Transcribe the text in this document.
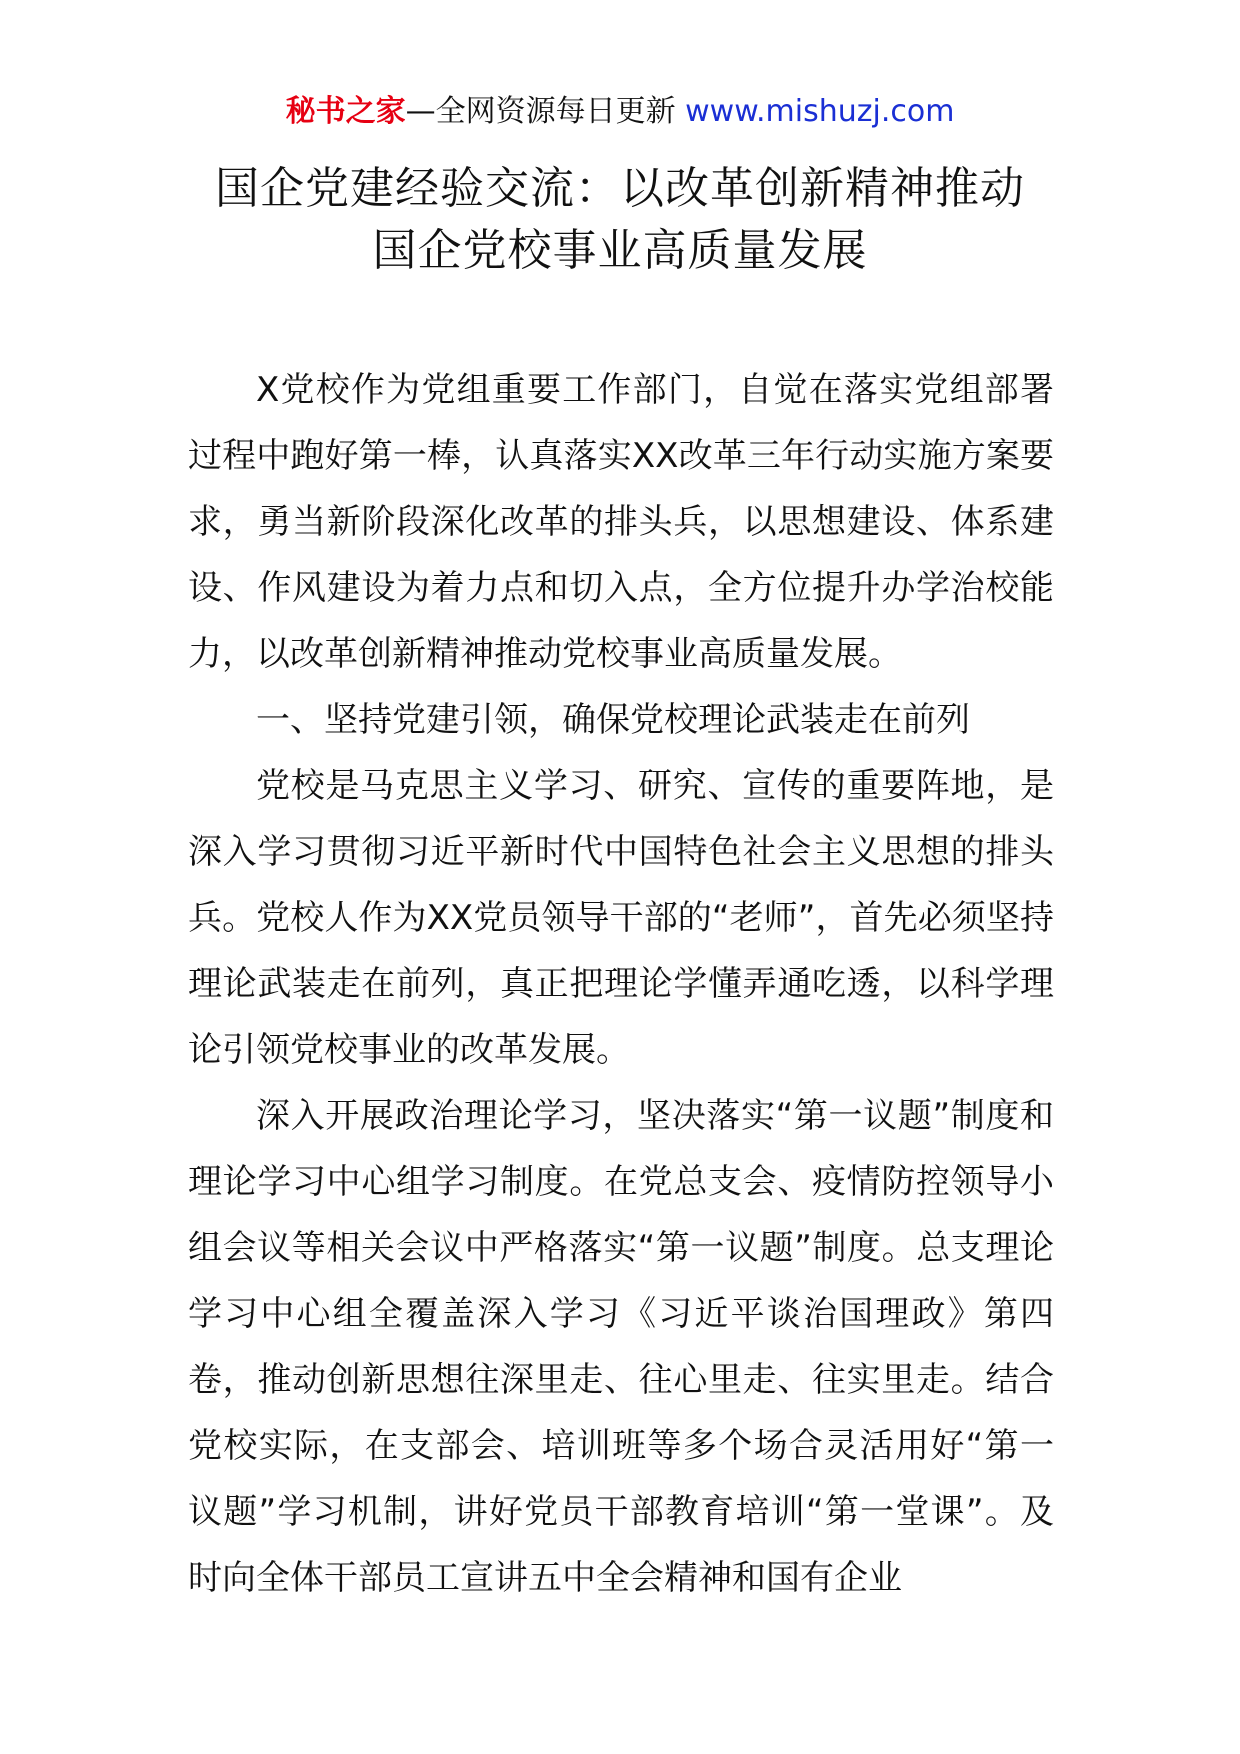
秘书之家—全网资源每日更新 www.mishuzj.com
国企党建经验交流：以改革创新精神推动
国企党校事业高质量发展

X党校作为党组重要工作部门，自觉在落实党组部署过程中跑好第一棒，认真落实XX改革三年行动实施方案要求，勇当新阶段深化改革的排头兵，以思想建设、体系建设、作风建设为着力点和切入点，全方位提升办学治校能力，以改革创新精神推动党校事业高质量发展。

一、坚持党建引领，确保党校理论武装走在前列

党校是马克思主义学习、研究、宣传的重要阵地，是深入学习贯彻习近平新时代中国特色社会主义思想的排头兵。党校人作为XX党员领导干部的“老师”，首先必须坚持理论武装走在前列，真正把理论学懂弄通吃透，以科学理论引领党校事业的改革发展。

深入开展政治理论学习，坚决落实“第一议题”制度和理论学习中心组学习制度。在党总支会、疫情防控领导小组会议等相关会议中严格落实“第一议题”制度。总支理论学习中心组全覆盖深入学习《习近平谈治国理政》第四卷，推动创新思想往深里走、往心里走、往实里走。结合党校实际，在支部会、培训班等多个场合灵活用好“第一议题”学习机制，讲好党员干部教育培训“第一堂课”。及时向全体干部员工宣讲五中全会精神和国有企业
